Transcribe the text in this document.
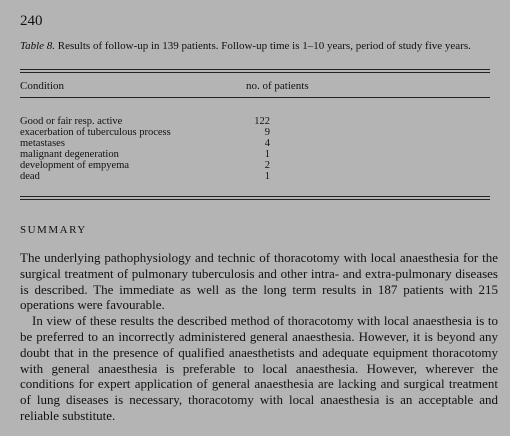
240
Table 8. Results of follow-up in 139 patients. Follow-up time is 1–10 years, period of study five years.
Condition	no. of patients
Good or fair resp. active	122
exacerbation of tuberculous process	9
metastases	4
malignant degeneration	1
development of empyema	2
dead	1
SUMMARY

The underlying pathophysiology and technic of thoracotomy with local anaesthesia for the surgical treatment of pulmonary tuberculosis and other intra- and extra-pulmonary diseases is described. The immediate as well as the long term results in 187 patients with 215 operations were favourable.

In view of these results the described method of thoracotomy with local anaesthesia is to be preferred to an incorrectly administered general anaesthesia. However, it is beyond any doubt that in the presence of qualified anaesthetists and adequate equipment thoracotomy with general anaesthesia is preferable to local anaesthesia. However, wherever the conditions for expert application of general anaesthesia are lacking and surgical treatment of lung diseases is necessary, thoracotomy with local anaesthesia is an acceptable and reliable substitute.
